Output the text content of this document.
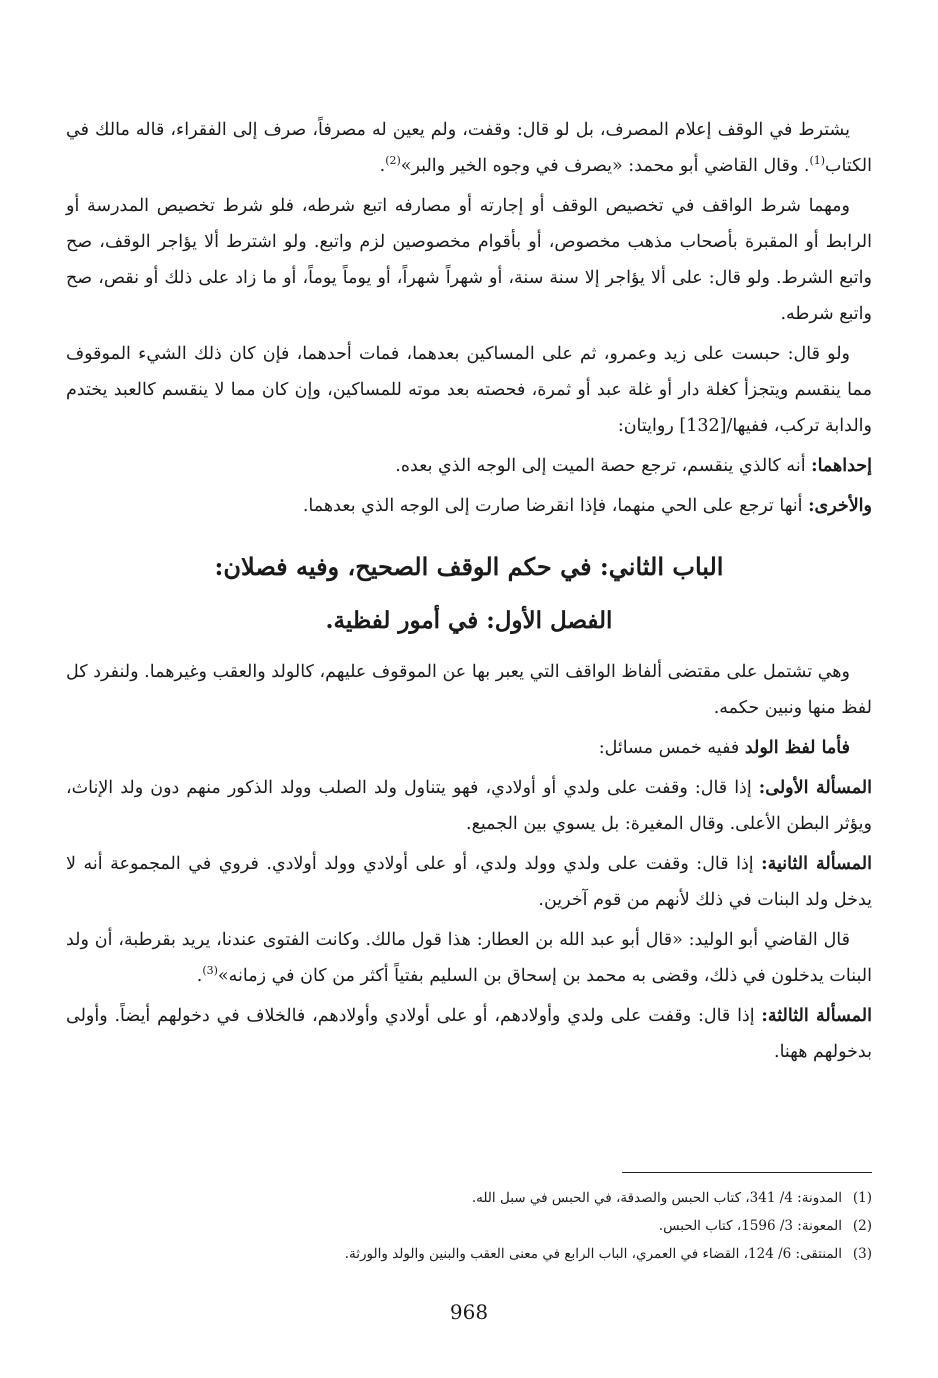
يشترط في الوقف إعلام المصرف، بل لو قال: وقفت، ولم يعين له مصرفاً، صرف إلى الفقراء، قاله مالك في الكتاب$^{(1)}$. وقال القاضي أبو محمد: «يصرف في وجوه الخير والبر»$^{(2)}$.

ومهما شرط الواقف في تخصيص الوقف أو إجارته أو مصارفه اتبع شرطه، فلو شرط تخصيص المدرسة أو الرابط أو المقبرة بأصحاب مذهب مخصوص، أو بأقوام مخصوصين لزم واتبع. ولو اشترط ألا يؤاجر الوقف، صح واتبع الشرط. ولو قال: على ألا يؤاجر إلا سنة سنة، أو شهراً شهراً، أو يوماً يوماً، أو ما زاد على ذلك أو نقص، صح واتبع شرطه.

ولو قال: حبست على زيد وعمرو، ثم على المساكين بعدهما، فمات أحدهما، فإن كان ذلك الشيء الموقوف مما ينقسم ويتجزأ كغلة دار أو غلة عبد أو ثمرة، فحصته بعد موته للمساكين، وإن كان مما لا ينقسم كالعبد يختدم والدابة تركب، ففيها/[132] روايتان:

إحداهما: أنه كالذي ينقسم، ترجع حصة الميت إلى الوجه الذي بعده.

والأخرى: أنها ترجع على الحي منهما، فإذا انقرضا صارت إلى الوجه الذي بعدهما.

الباب الثاني: في حكم الوقف الصحيح، وفيه فصلان:
الفصل الأول: في أمور لفظية.

وهي تشتمل على مقتضى ألفاظ الواقف التي يعبر بها عن الموقوف عليهم، كالولد والعقب وغيرهما. ولنفرد كل لفظ منها ونبين حكمه.

فأما لفظ الولد ففيه خمس مسائل:

المسألة الأولى: إذا قال: وقفت على ولدي أو أولادي، فهو يتناول ولد الصلب وولد الذكور منهم دون ولد الإناث، ويؤثر البطن الأعلى. وقال المغيرة: بل يسوي بين الجميع.

المسألة الثانية: إذا قال: وقفت على ولدي وولد ولدي، أو على أولادي وولد أولادي. فروي في المجموعة أنه لا يدخل ولد البنات في ذلك لأنهم من قوم آخرين.

قال القاضي أبو الوليد: «قال أبو عبد الله بن العطار: هذا قول مالك. وكانت الفتوى عندنا، يريد بقرطبة، أن ولد البنات يدخلون في ذلك، وقضى به محمد بن إسحاق بن السليم بفتياً أكثر من كان في زمانه»$^{(3)}$.

المسألة الثالثة: إذا قال: وقفت على ولدي وأولادهم، أو على أولادي وأولادهم، فالخلاف في دخولهم أيضاً. وأولى بدخولهم ههنا.

(1)المدونة: 4/ 341، كتاب الحبس والصدقة، في الحبس في سبل الله.
(2)المعونة: 3/ 1596، كتاب الحبس.
(3)المنتقى: 6/ 124، القضاء في العمري، الباب الرابع في معنى العقب والبنين والولد والورثة.
968
